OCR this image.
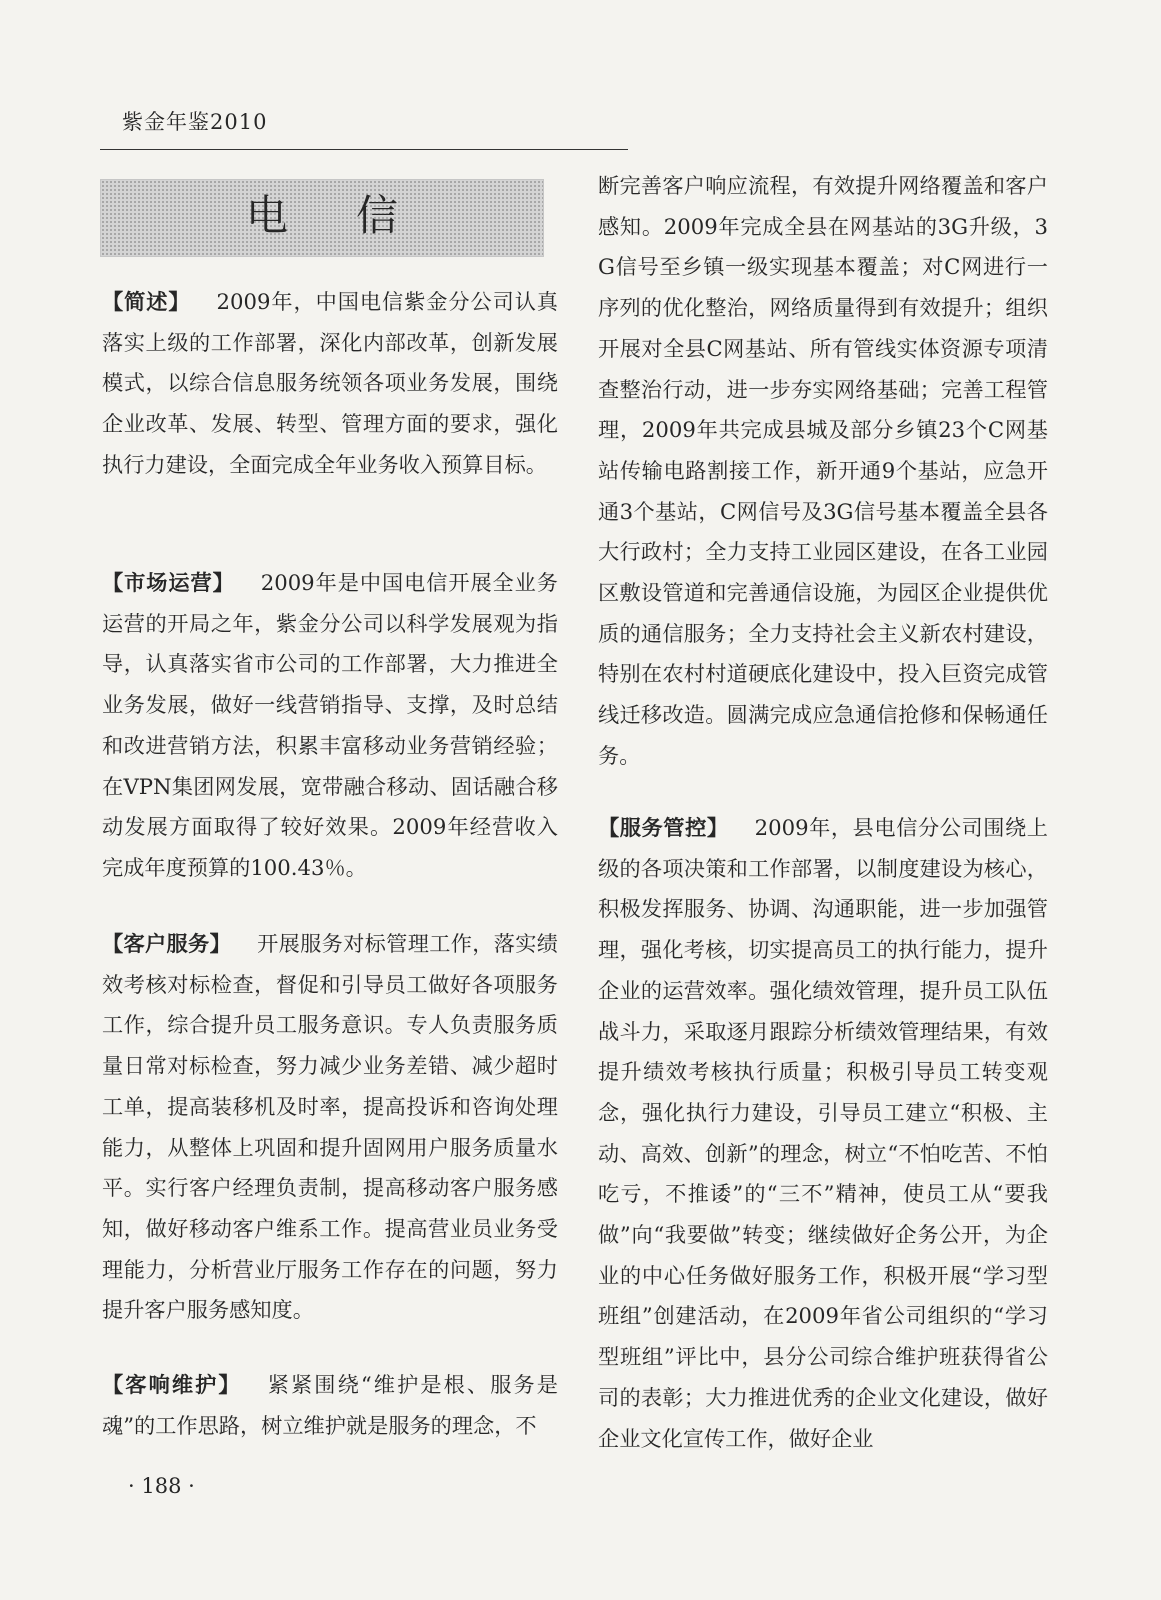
紫金年鉴2010
电信

【简述】 2009年，中国电信紫金分公司认真落实上级的工作部署，深化内部改革，创新发展模式，以综合信息服务统领各项业务发展，围绕企业改革、发展、转型、管理方面的要求，强化执行力建设，全面完成全年业务收入预算目标。

【市场运营】 2009年是中国电信开展全业务运营的开局之年，紫金分公司以科学发展观为指导，认真落实省市公司的工作部署，大力推进全业务发展，做好一线营销指导、支撑，及时总结和改进营销方法，积累丰富移动业务营销经验；在VPN集团网发展，宽带融合移动、固话融合移动发展方面取得了较好效果。2009年经营收入完成年度预算的100.43％。

【客户服务】 开展服务对标管理工作，落实绩效考核对标检查，督促和引导员工做好各项服务工作，综合提升员工服务意识。专人负责服务质量日常对标检查，努力减少业务差错、减少超时工单，提高装移机及时率，提高投诉和咨询处理能力，从整体上巩固和提升固网用户服务质量水平。实行客户经理负责制，提高移动客户服务感知，做好移动客户维系工作。提高营业员业务受理能力，分析营业厅服务工作存在的问题，努力提升客户服务感知度。

【客响维护】 紧紧围绕“维护是根、服务是魂”的工作思路，树立维护就是服务的理念，不

断完善客户响应流程，有效提升网络覆盖和客户感知。2009年完成全县在网基站的3G升级，3G信号至乡镇一级实现基本覆盖；对C网进行一序列的优化整治，网络质量得到有效提升；组织开展对全县C网基站、所有管线实体资源专项清查整治行动，进一步夯实网络基础；完善工程管理，2009年共完成县城及部分乡镇23个C网基站传输电路割接工作，新开通9个基站，应急开通3个基站，C网信号及3G信号基本覆盖全县各大行政村；全力支持工业园区建设，在各工业园区敷设管道和完善通信设施，为园区企业提供优质的通信服务；全力支持社会主义新农村建设，特别在农村村道硬底化建设中，投入巨资完成管线迁移改造。圆满完成应急通信抢修和保畅通任务。

【服务管控】 2009年，县电信分公司围绕上级的各项决策和工作部署，以制度建设为核心，积极发挥服务、协调、沟通职能，进一步加强管理，强化考核，切实提高员工的执行能力，提升企业的运营效率。强化绩效管理，提升员工队伍战斗力，采取逐月跟踪分析绩效管理结果，有效提升绩效考核执行质量；积极引导员工转变观念，强化执行力建设，引导员工建立“积极、主动、高效、创新”的理念，树立“不怕吃苦、不怕吃亏，不推诿”的“三不”精神，使员工从“要我做”向“我要做”转变；继续做好企务公开，为企业的中心任务做好服务工作，积极开展“学习型班组”创建活动，在2009年省公司组织的“学习型班组”评比中，县分公司综合维护班获得省公司的表彰；大力推进优秀的企业文化建设，做好企业文化宣传工作，做好企业

· 188 ·
